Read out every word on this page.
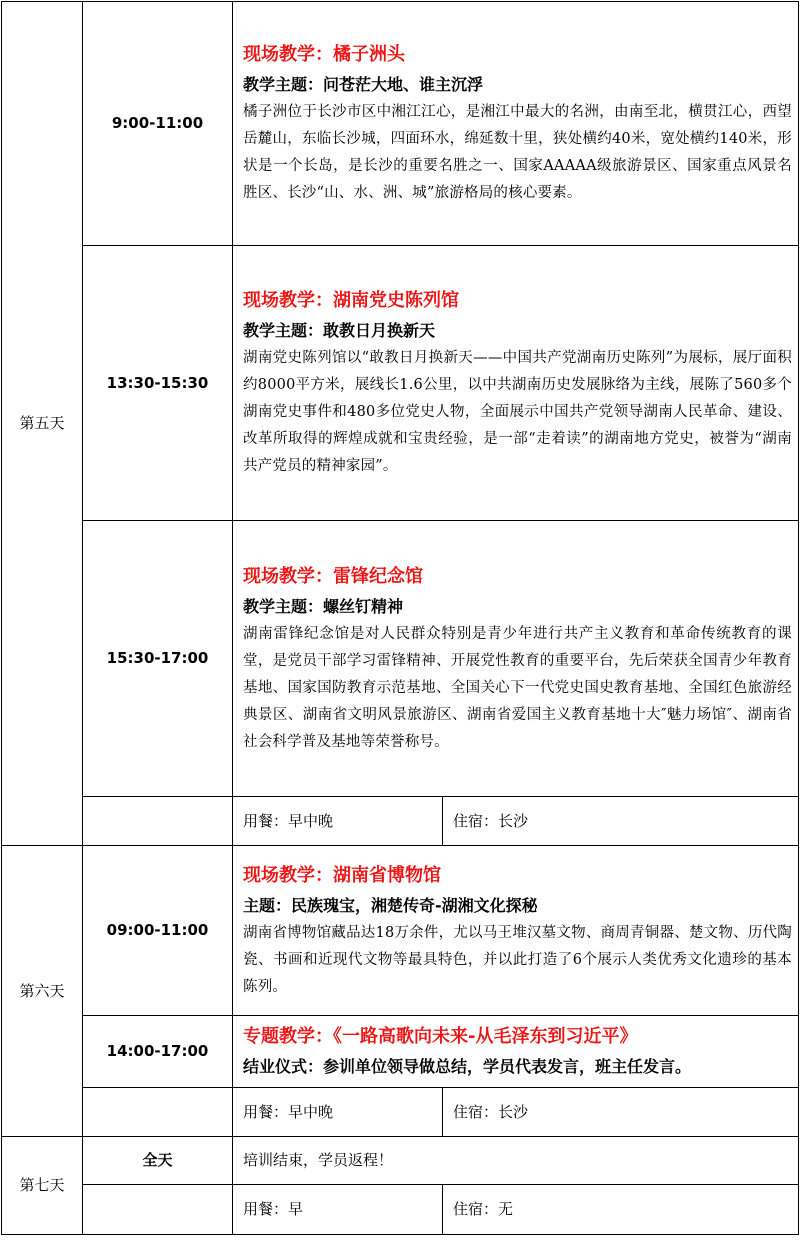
第五天	9:00-11:00	现场教学：橘子洲头
教学主题：问苍茫大地、谁主沉浮
橘子洲位于长沙市区中湘江江心，是湘江中最大的名洲，由南至北，横贯江心，西望岳麓山，东临长沙城，四面环水，绵延数十里，狭处横约40米，宽处横约140米，形状是一个长岛，是长沙的重要名胜之一、国家AAAAA级旅游景区、国家重点风景名胜区、长沙“山、水、洲、城”旅游格局的核心要素。	

	13:30-15:30	现场教学：湖南党史陈列馆
教学主题：敢教日月换新天
湖南党史陈列馆以“敢教日月换新天——中国共产党湖南历史陈列”为展标，展厅面积约8000平方米，展线长1.6公里，以中共湖南历史发展脉络为主线，展陈了560多个湖南党史事件和480多位党史人物，全面展示中国共产党领导湖南人民革命、建设、改革所取得的辉煌成就和宝贵经验，是一部“走着读”的湖南地方党史，被誉为“湖南共产党员的精神家园”。	

	15:30-17:00	现场教学：雷锋纪念馆
教学主题：螺丝钉精神
湖南雷锋纪念馆是对人民群众特别是青少年进行共产主义教育和革命传统教育的课堂，是党员干部学习雷锋精神、开展党性教育的重要平台，先后荣获全国青少年教育基地、国家国防教育示范基地、全国关心下一代党史国史教育基地、全国红色旅游经典景区、湖南省文明风景旅游区、湖南省爱国主义教育基地十大″魅力场馆″、湖南省社会科学普及基地等荣誉称号。	

		用餐：早中晚	住宿：长沙
第六天	09:00-11:00	现场教学：湖南省博物馆
主题：民族瑰宝，湘楚传奇-湖湘文化探秘
湖南省博物馆藏品达18万余件，尤以马王堆汉墓文物、商周青铜器、楚文物、历代陶瓷、书画和近现代文物等最具特色，并以此打造了6个展示人类优秀文化遗珍的基本陈列。	

	14:00-17:00	专题教学：《一路高歌向未来-从毛泽东到习近平》
结业仪式：参训单位领导做总结，学员代表发言，班主任发言。	

		用餐：早中晚	住宿：长沙
第七天	全天	培训结束，学员返程！	
		用餐：早	住宿：无
